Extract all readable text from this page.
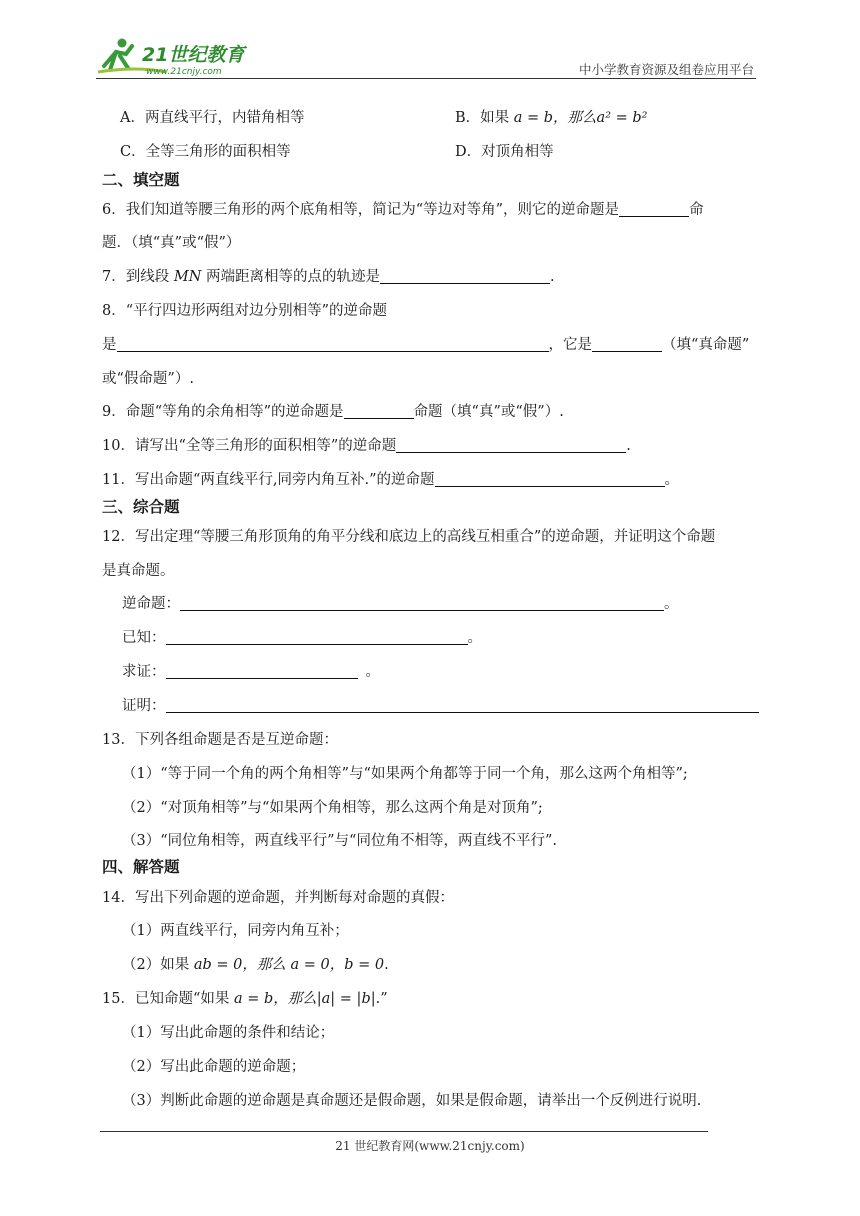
21世纪教育
www.21cnjy.com	中小学教育资源及组卷应用平台
A．两直线平行，内错角相等	B．如果 a = b，那么a² = b²
C．全等三角形的面积相等	D．对顶角相等
二、填空题
6．我们知道等腰三角形的两个底角相等，简记为“等边对等角”，则它的逆命题是	命
题．（填“真”或“假”）
7．到线段 MN 两端距离相等的点的轨迹是	.
8．“平行四边形两组对边分别相等”的逆命题
是	，它是	（填“真命题”
或“假命题”）.
9．命题“等角的余角相等”的逆命题是	命题（填“真”或“假”）.
10．请写出“全等三角形的面积相等”的逆命题	.
11．写出命题“两直线平行,同旁内角互补.”的逆命题	。
三、综合题
12．写出定理“等腰三角形顶角的角平分线和底边上的高线互相重合”的逆命题，并证明这个命题
是真命题。
逆命题：	。
已知：	。
求证：	。
证明：
13．下列各组命题是否是互逆命题：
（1）“等于同一个角的两个角相等”与“如果两个角都等于同一个角，那么这两个角相等”;
（2）“对顶角相等”与“如果两个角相等，那么这两个角是对顶角”;
（3）“同位角相等，两直线平行”与“同位角不相等，两直线不平行”.
四、解答题
14．写出下列命题的逆命题，并判断每对命题的真假：
（1）两直线平行，同旁内角互补；
（2）如果 ab = 0，那么 a = 0，b = 0.
15．已知命题“如果 a = b，那么|a| = |b|.”
（1）写出此命题的条件和结论；
（2）写出此命题的逆命题；
（3）判断此命题的逆命题是真命题还是假命题，如果是假命题，请举出一个反例进行说明.
21 世纪教育网(www.21cnjy.com)
